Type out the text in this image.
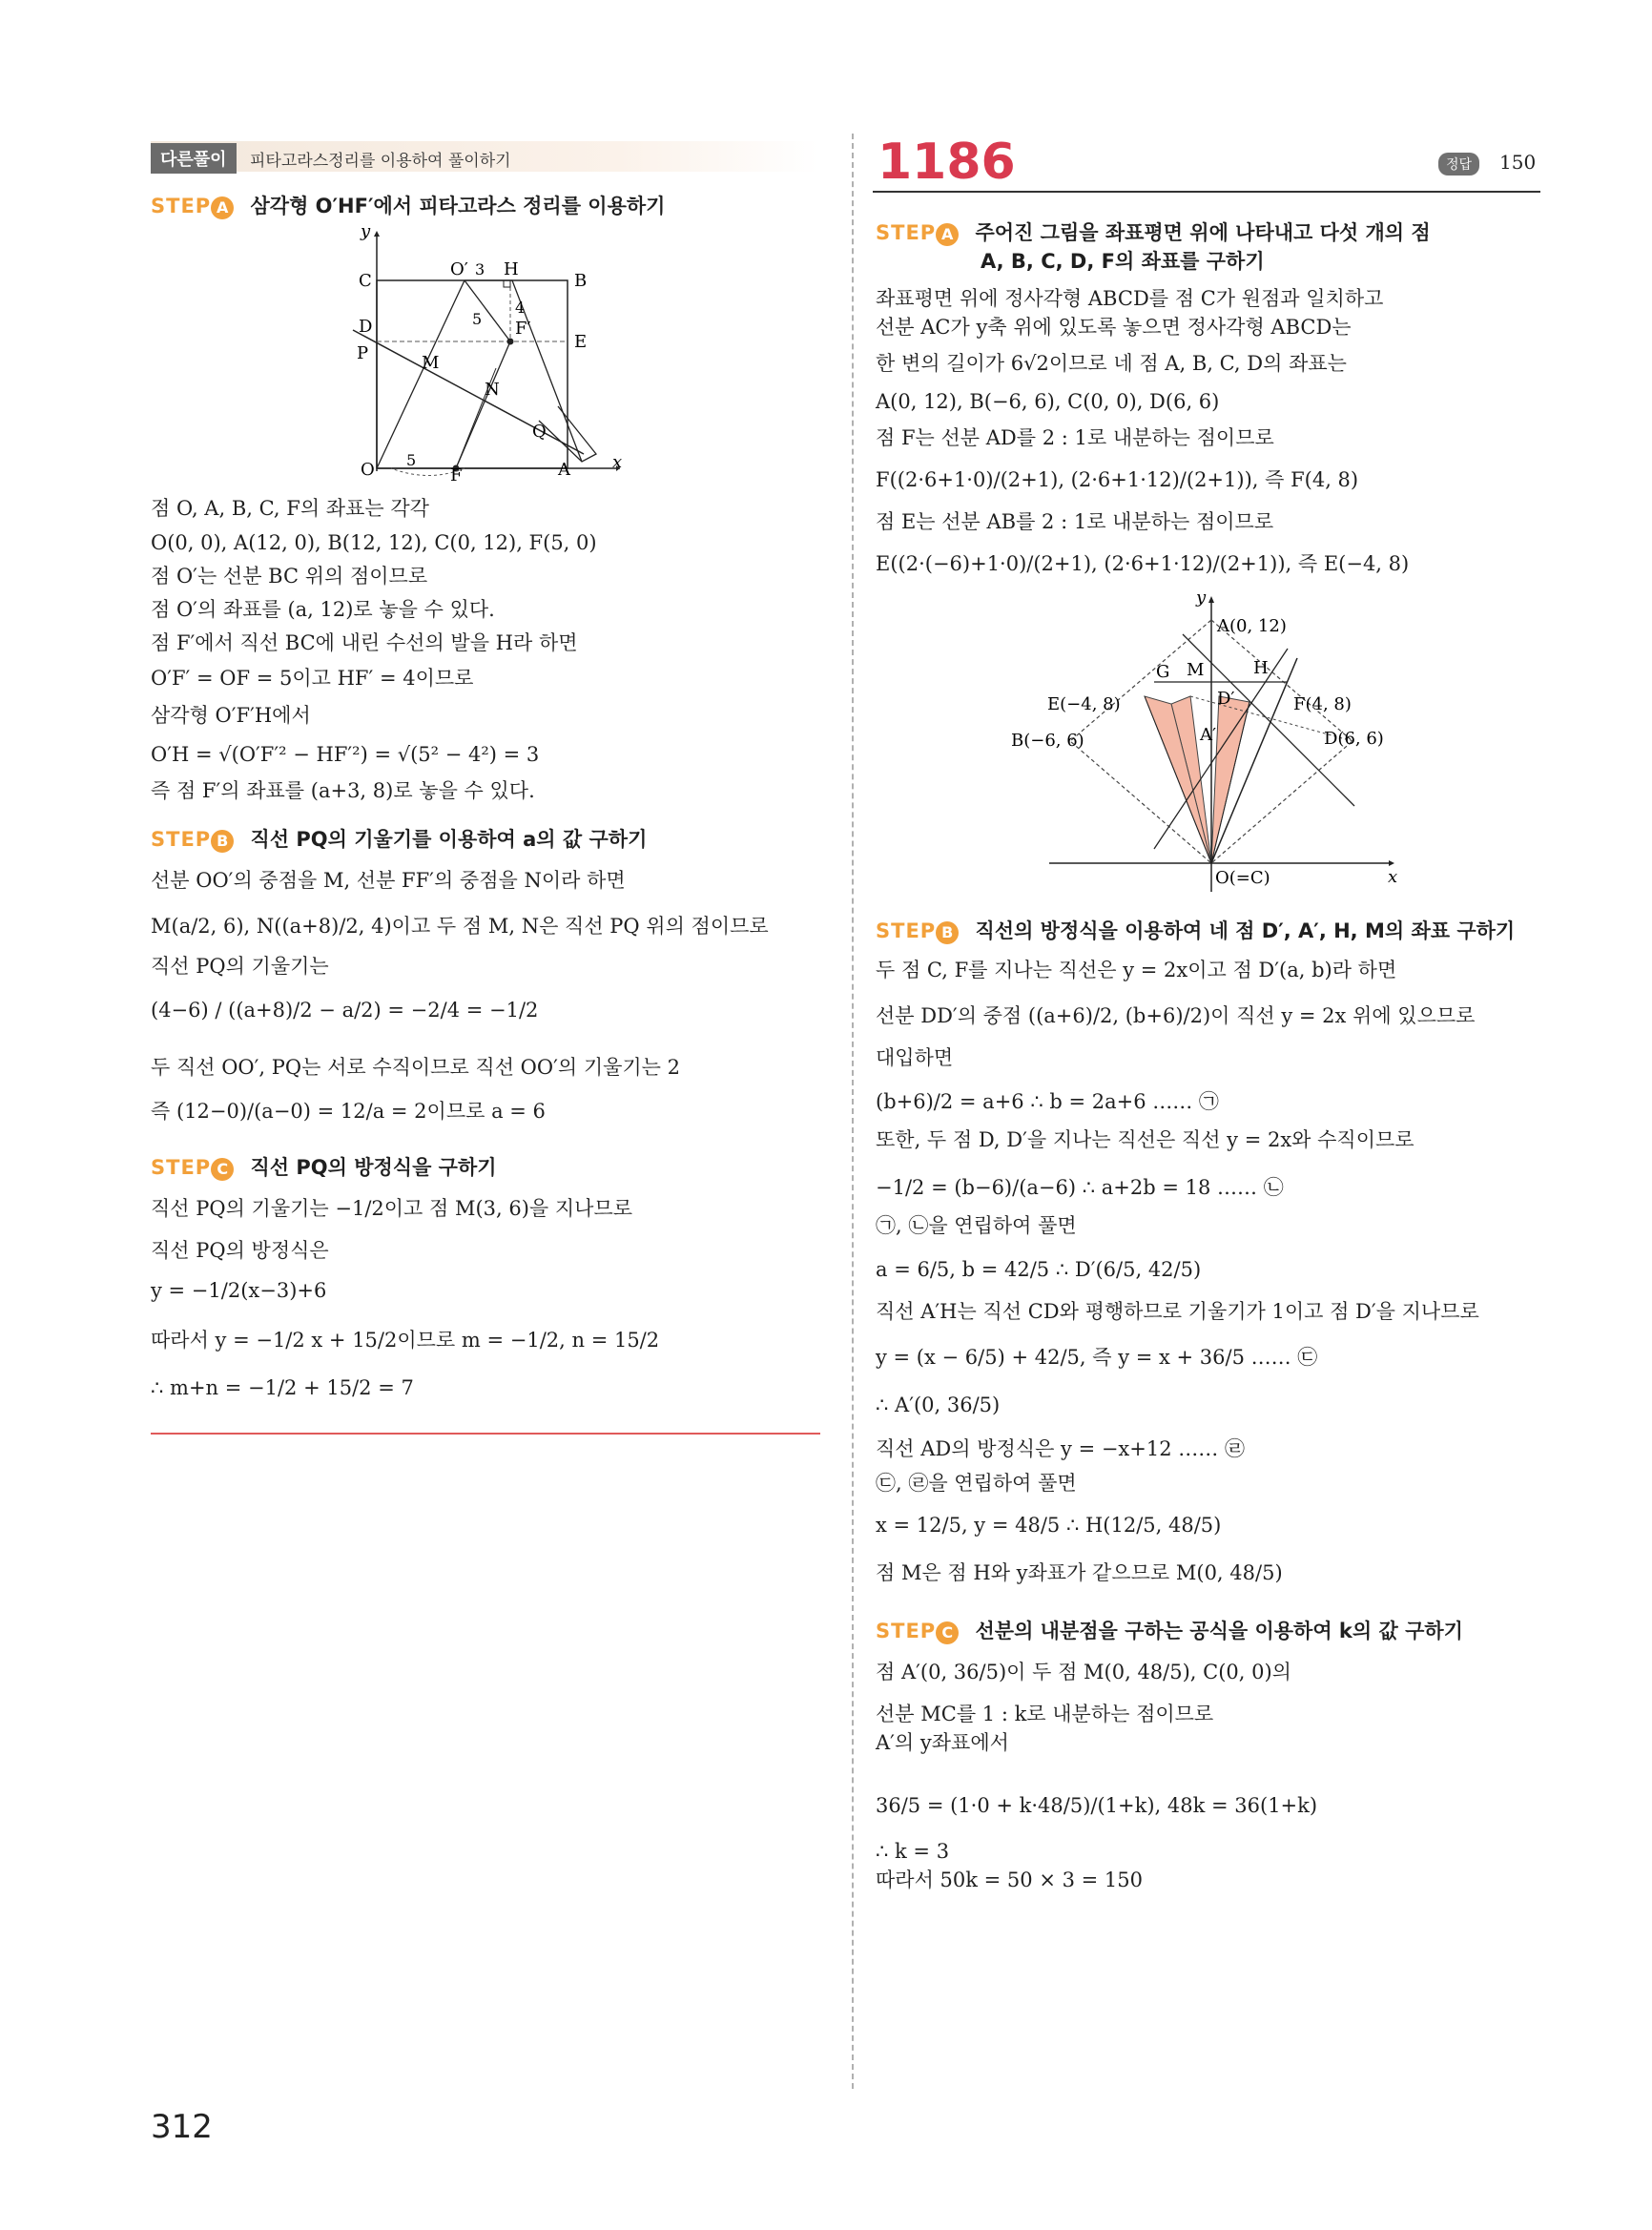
다른풀이	피타고라스정리를 이용하여 풀이하기
STEP A 삼각형 O′HF′에서 피타고라스 정리를 이용하기
y
x
C	B
D
E
P	M
N
Q
O	A
F
F′
O′ H
3
4
5
5
점 O, A, B, C, F의 좌표는 각각
O(0, 0), A(12, 0), B(12, 12), C(0, 12), F(5, 0)
점 O′는 선분 BC 위의 점이므로
점 O′의 좌표를 (a, 12)로 놓을 수 있다.
점 F′에서 직선 BC에 내린 수선의 발을 H라 하면
O′F′ = OF = 5이고 HF′ = 4이므로
삼각형 O′F′H에서
O′H = √(O′F′² − HF′²) = √(5² − 4²) = 3
즉 점 F′의 좌표를 (a+3, 8)로 놓을 수 있다.
STEP B 직선 PQ의 기울기를 이용하여 a의 값 구하기
선분 OO′의 중점을 M, 선분 FF′의 중점을 N이라 하면
M(a/2, 6), N((a+8)/2, 4)이고 두 점 M, N은 직선 PQ 위의 점이므로
직선 PQ의 기울기는
(4−6) / ((a+8)/2 − a/2) = −2/4 = −1/2
두 직선 OO′, PQ는 서로 수직이므로 직선 OO′의 기울기는 2
즉 (12−0)/(a−0) = 12/a = 2이므로 a = 6
STEP C 직선 PQ의 방정식을 구하기
직선 PQ의 기울기는 −1/2이고 점 M(3, 6)을 지나므로
직선 PQ의 방정식은
y = −1/2(x−3)+6
따라서 y = −1/2 x + 15/2이므로 m = −1/2, n = 15/2
∴ m+n = −1/2 + 15/2 = 7
1186	정답	150
STEP A 주어진 그림을 좌표평면 위에 나타내고 다섯 개의 점
A, B, C, D, F의 좌표를 구하기
좌표평면 위에 정사각형 ABCD를 점 C가 원점과 일치하고
선분 AC가 y축 위에 있도록 놓으면 정사각형 ABCD는
한 변의 길이가 6√2이므로 네 점 A, B, C, D의 좌표는
A(0, 12), B(−6, 6), C(0, 0), D(6, 6)
점 F는 선분 AD를 2 : 1로 내분하는 점이므로
F((2·6+1·0)/(2+1), (2·6+1·12)/(2+1)), 즉 F(4, 8)
점 E는 선분 AB를 2 : 1로 내분하는 점이므로
E((2·(−6)+1·0)/(2+1), (2·6+1·12)/(2+1)), 즉 E(−4, 8)
y
x
A(0, 12)
G M	H
E(−4, 8)	D′	F(4, 8)
B(−6, 6)	D(6, 6)
A′
O(=C)
STEP B 직선의 방정식을 이용하여 네 점 D′, A′, H, M의 좌표 구하기
두 점 C, F를 지나는 직선은 y = 2x이고 점 D′(a, b)라 하면
선분 DD′의 중점 ((a+6)/2, (b+6)/2)이 직선 y = 2x 위에 있으므로
대입하면
(b+6)/2 = a+6 ∴ b = 2a+6 …… ㉠
또한, 두 점 D, D′을 지나는 직선은 직선 y = 2x와 수직이므로
−1/2 = (b−6)/(a−6) ∴ a+2b = 18 …… ㉡
㉠, ㉡을 연립하여 풀면
a = 6/5, b = 42/5 ∴ D′(6/5, 42/5)
직선 A′H는 직선 CD와 평행하므로 기울기가 1이고 점 D′을 지나므로
y = (x − 6/5) + 42/5, 즉 y = x + 36/5 …… ㉢
∴ A′(0, 36/5)
직선 AD의 방정식은 y = −x+12 …… ㉣
㉢, ㉣을 연립하여 풀면
x = 12/5, y = 48/5 ∴ H(12/5, 48/5)
점 M은 점 H와 y좌표가 같으므로 M(0, 48/5)
STEP C 선분의 내분점을 구하는 공식을 이용하여 k의 값 구하기
점 A′(0, 36/5)이 두 점 M(0, 48/5), C(0, 0)의
선분 MC를 1 : k로 내분하는 점이므로
A′의 y좌표에서
36/5 = (1·0 + k·48/5)/(1+k), 48k = 36(1+k)
∴ k = 3
따라서 50k = 50 × 3 = 150
312
